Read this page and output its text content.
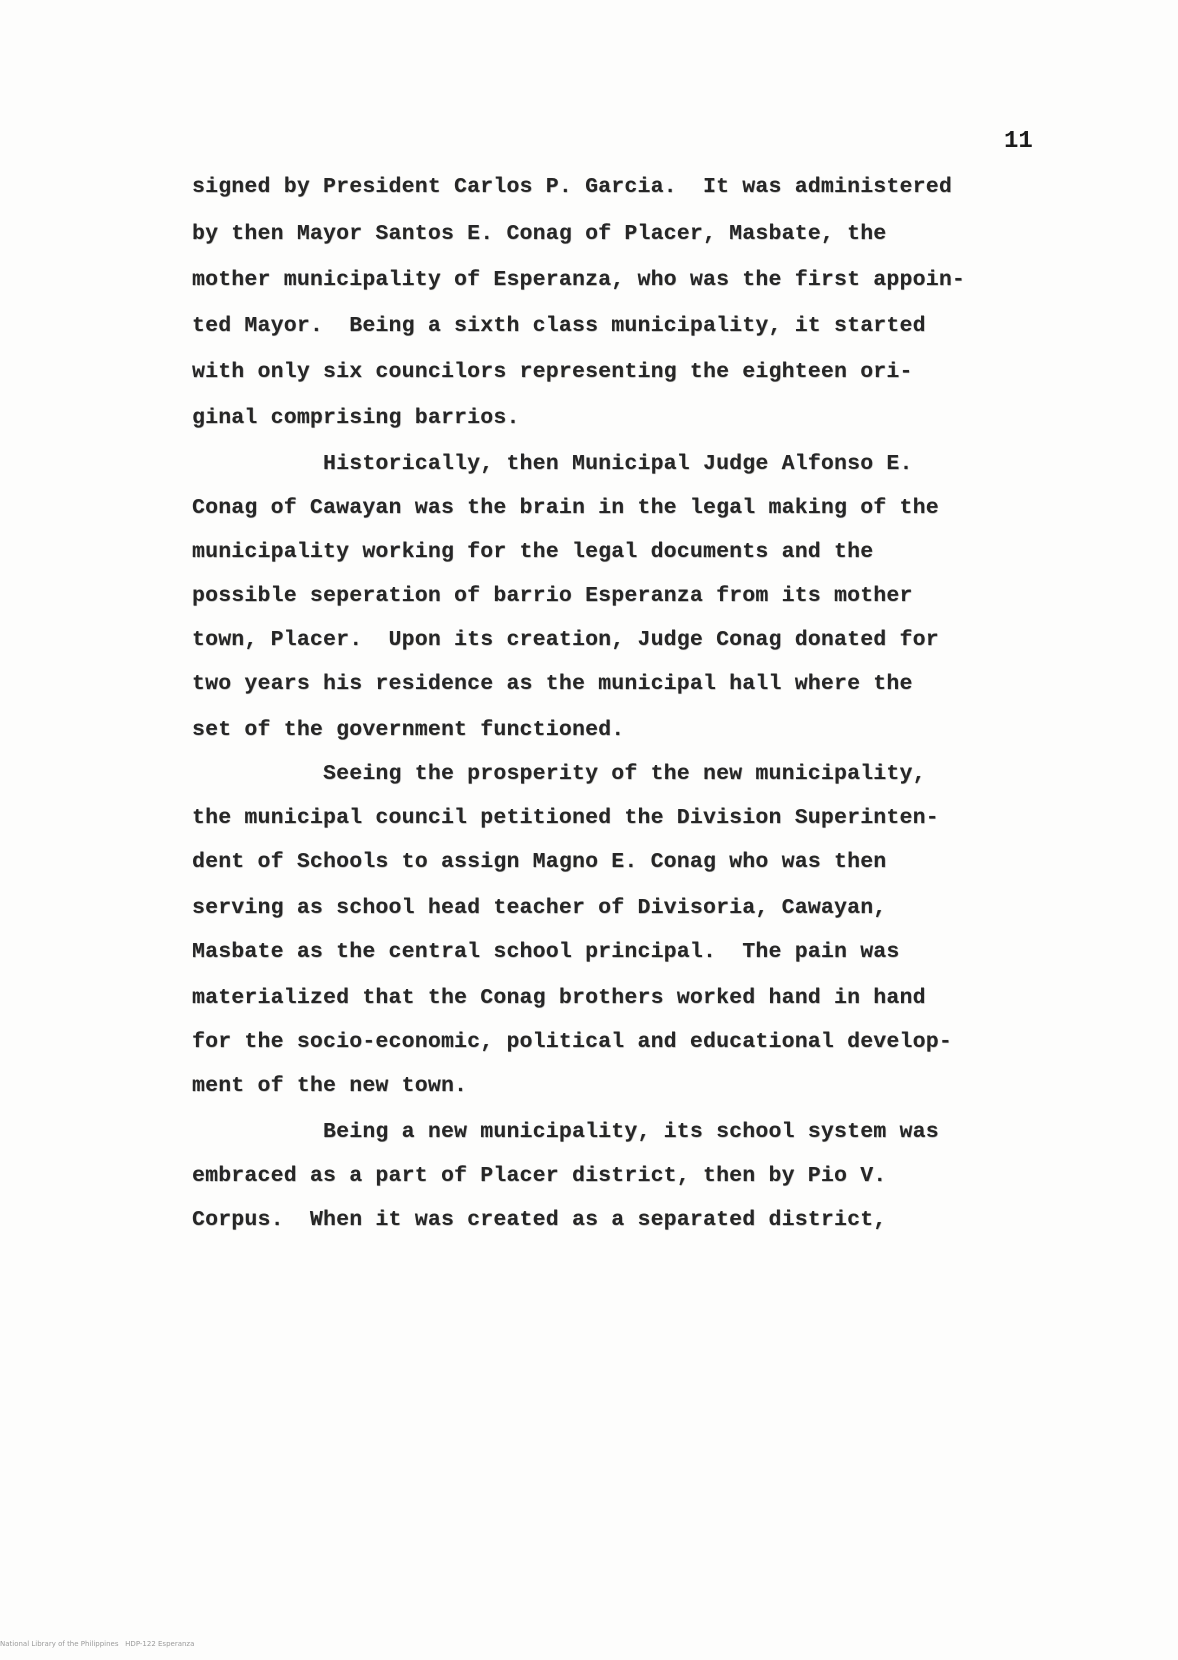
11
signed by President Carlos P. Garcia.  It was administered
by then Mayor Santos E. Conag of Placer, Masbate, the
mother municipality of Esperanza, who was the first appoin-
ted Mayor.  Being a sixth class municipality, it started
with only six councilors representing the eighteen ori-
ginal comprising barrios.
Historically, then Municipal Judge Alfonso E.
Conag of Cawayan was the brain in the legal making of the
municipality working for the legal documents and the
possible seperation of barrio Esperanza from its mother
town, Placer.  Upon its creation, Judge Conag donated for
two years his residence as the municipal hall where the
set of the government functioned.
Seeing the prosperity of the new municipality,
the municipal council petitioned the Division Superinten-
dent of Schools to assign Magno E. Conag who was then
serving as school head teacher of Divisoria, Cawayan,
Masbate as the central school principal.  The pain was
materialized that the Conag brothers worked hand in hand
for the socio-economic, political and educational develop-
ment of the new town.
Being a new municipality, its school system was
embraced as a part of Placer district, then by Pio V.
Corpus.  When it was created as a separated district,
National Library of the Philippines   HDP-122 Esperanza
